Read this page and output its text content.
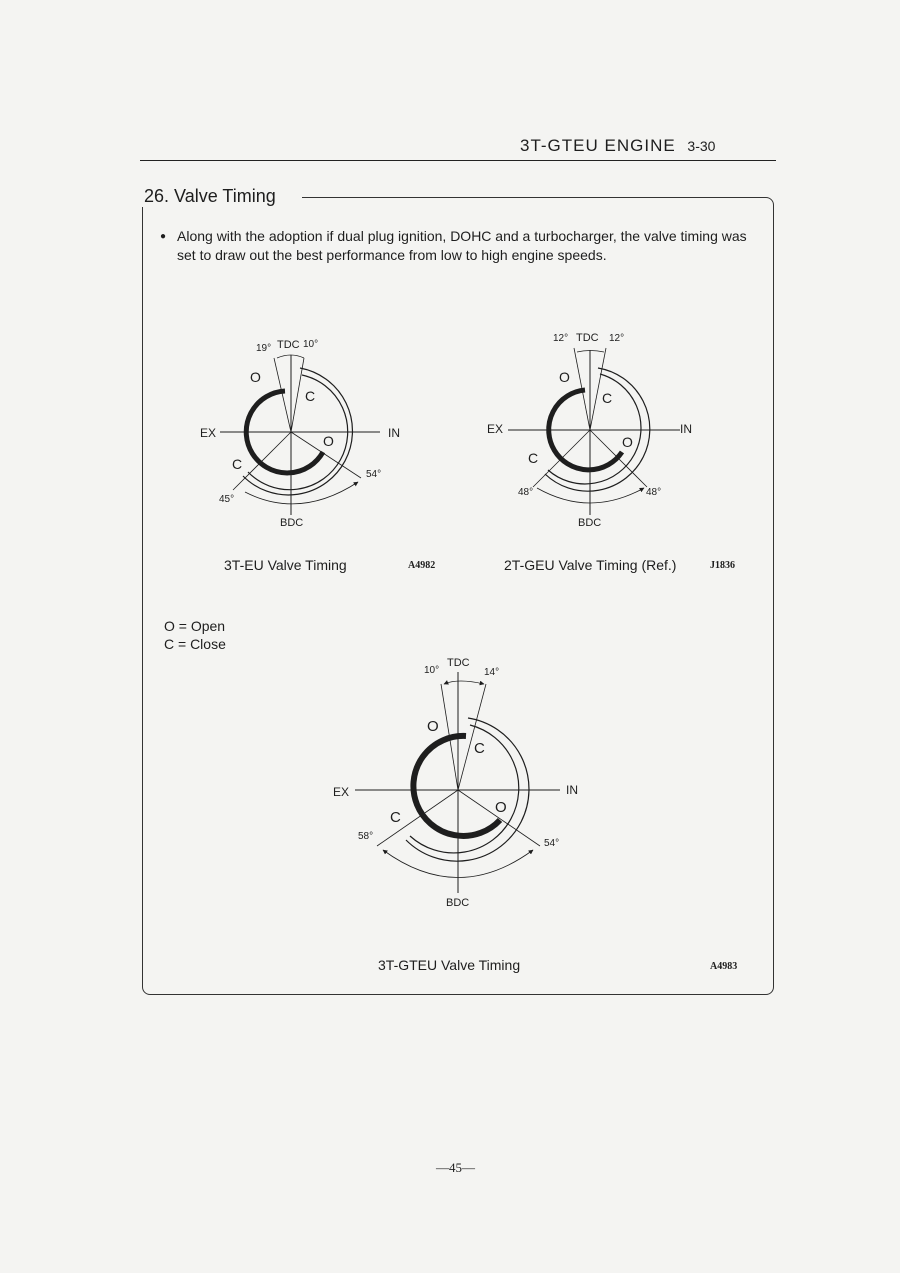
3T-GTEU ENGINE 3-30
26. Valve Timing
● Along with the adoption if dual plug ignition, DOHC and a turbocharger, the valve timing was set to draw out the best performance from low to high engine speeds.
EX	IN
TDC
BDC
19°	10°
45°
54°
O
C
O
C
3T-EU Valve Timing	A4982
EX	IN
TDC
BDC
12°	12°
48°	48°
O
C
O
C
2T-GEU Valve Timing (Ref.)	J1836
O = Open
C = Close
EX	IN
TDC
BDC
10°	14°
58°
54°
O
C
O
C
3T-GTEU Valve Timing	A4983
—45—
